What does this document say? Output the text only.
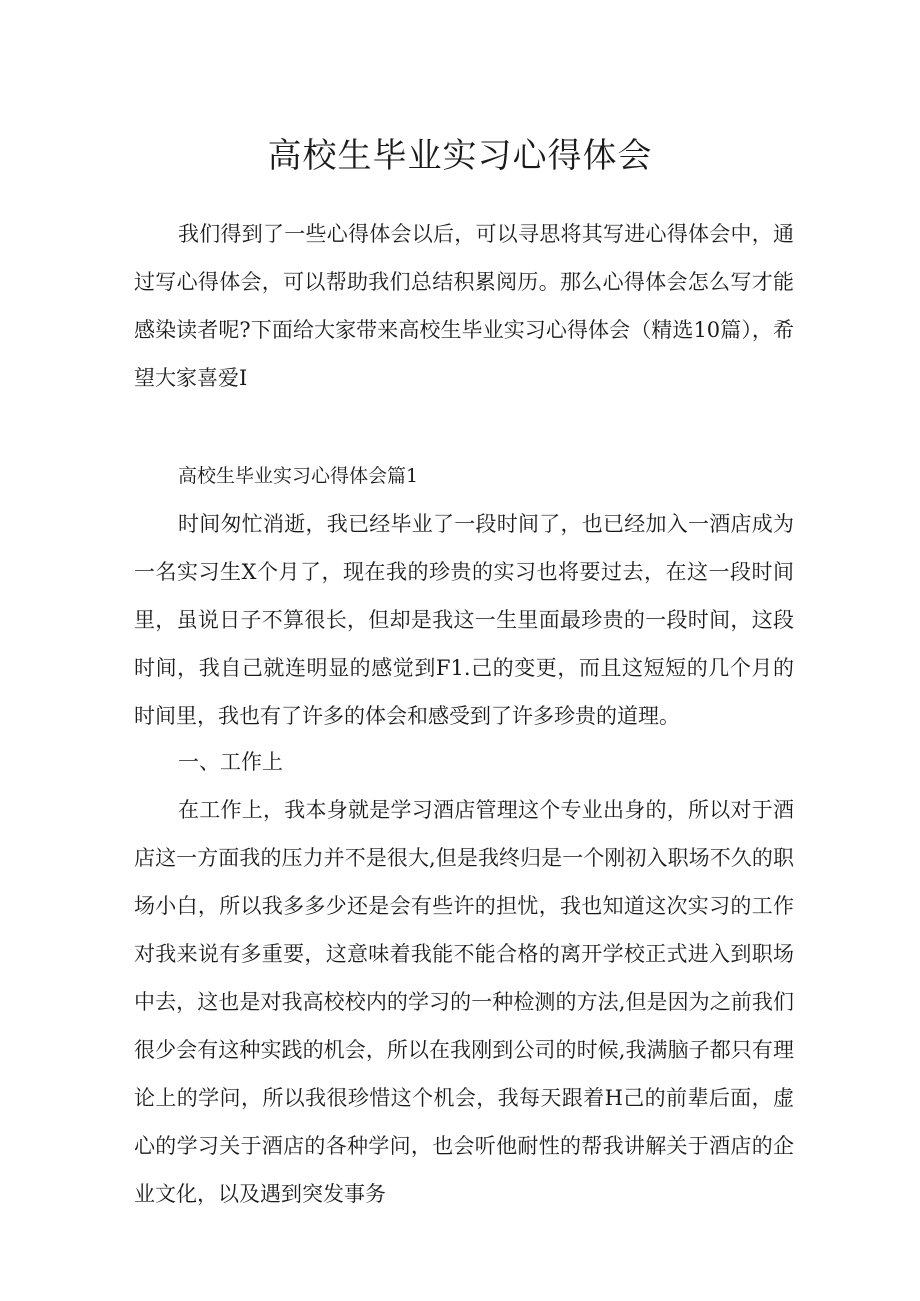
高校生毕业实习心得体会

我们得到了一些心得体会以后，可以寻思将其写进心得体会中，通过写心得体会，可以帮助我们总结积累阅历。那么心得体会怎么写才能感染读者呢?下面给大家带来高校生毕业实习心得体会（精选10篇），希望大家喜爱I

高校生毕业实习心得体会篇1

时间匆忙消逝，我已经毕业了一段时间了，也已经加入一酒店成为一名实习生X个月了，现在我的珍贵的实习也将要过去，在这一段时间里，虽说日子不算很长，但却是我这一生里面最珍贵的一段时间，这段时间，我自己就连明显的感觉到F1.己的变更，而且这短短的几个月的时间里，我也有了许多的体会和感受到了许多珍贵的道理。

一、工作上

在工作上，我本身就是学习酒店管理这个专业出身的，所以对于酒店这一方面我的压力并不是很大,但是我终归是一个刚初入职场不久的职场小白，所以我多多少还是会有些许的担忧，我也知道这次实习的工作对我来说有多重要，这意味着我能不能合格的离开学校正式进入到职场中去，这也是对我高校校内的学习的一种检测的方法,但是因为之前我们很少会有这种实践的机会，所以在我刚到公司的时候,我满脑子都只有理论上的学问，所以我很珍惜这个机会，我每天跟着H己的前辈后面，虚心的学习关于酒店的各种学问，也会听他耐性的帮我讲解关于酒店的企业文化，以及遇到突发事务
